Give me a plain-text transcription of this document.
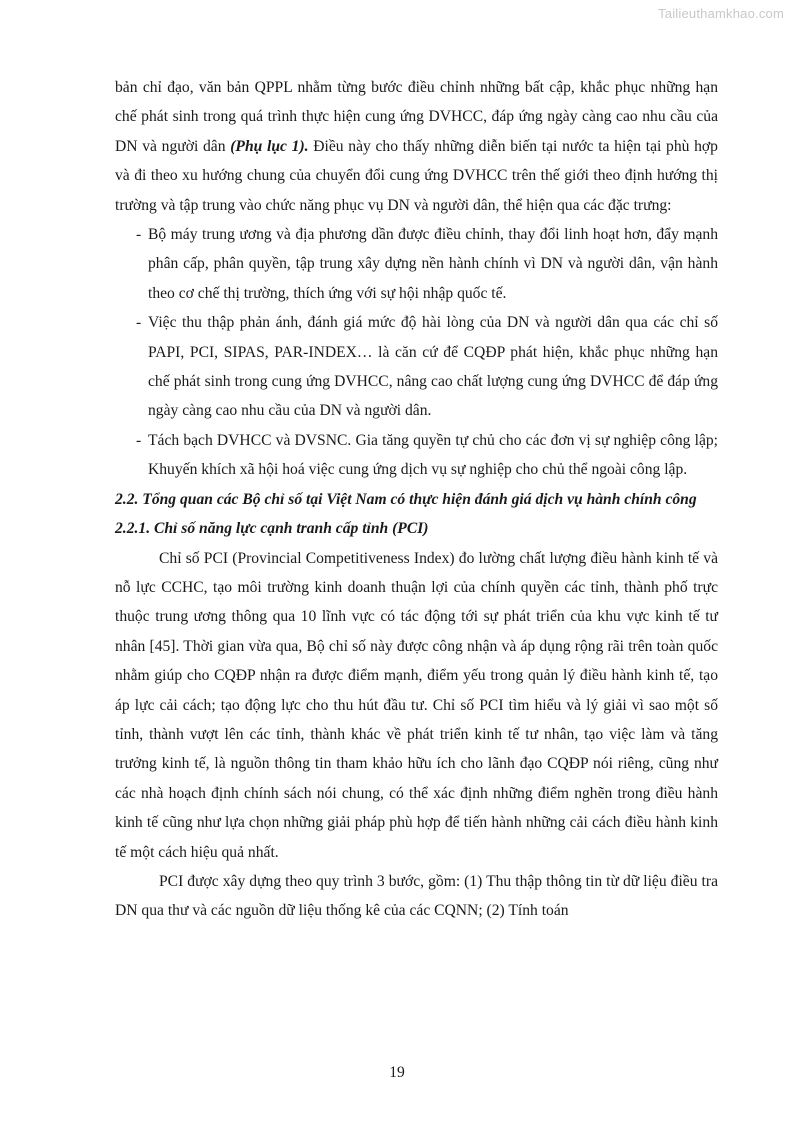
Tailieuthamkhao.com

bản chỉ đạo, văn bản QPPL nhằm từng bước điều chỉnh những bất cập, khắc phục những hạn chế phát sinh trong quá trình thực hiện cung ứng DVHCC, đáp ứng ngày càng cao nhu cầu của DN và người dân (Phụ lục 1). Điều này cho thấy những diễn biến tại nước ta hiện tại phù hợp và đi theo xu hướng chung của chuyển đổi cung ứng DVHCC trên thế giới theo định hướng thị trường và tập trung vào chức năng phục vụ DN và người dân, thể hiện qua các đặc trưng:

- Bộ máy trung ương và địa phương dần được điều chỉnh, thay đổi linh hoạt hơn, đẩy mạnh phân cấp, phân quyền, tập trung xây dựng nền hành chính vì DN và người dân, vận hành theo cơ chế thị trường, thích ứng với sự hội nhập quốc tế.

- Việc thu thập phản ánh, đánh giá mức độ hài lòng của DN và người dân qua các chỉ số PAPI, PCI, SIPAS, PAR-INDEX… là căn cứ để CQĐP phát hiện, khắc phục những hạn chế phát sinh trong cung ứng DVHCC, nâng cao chất lượng cung ứng DVHCC để đáp ứng ngày càng cao nhu cầu của DN và người dân.

- Tách bạch DVHCC và DVSNC. Gia tăng quyền tự chủ cho các đơn vị sự nghiệp công lập; Khuyến khích xã hội hoá việc cung ứng dịch vụ sự nghiệp cho chủ thể ngoài công lập.

2.2. Tổng quan các Bộ chỉ số tại Việt Nam có thực hiện đánh giá dịch vụ hành chính công

2.2.1. Chỉ số năng lực cạnh tranh cấp tỉnh (PCI)

Chỉ số PCI (Provincial Competitiveness Index) đo lường chất lượng điều hành kinh tế và nỗ lực CCHC, tạo môi trường kinh doanh thuận lợi của chính quyền các tỉnh, thành phố trực thuộc trung ương thông qua 10 lĩnh vực có tác động tới sự phát triển của khu vực kinh tế tư nhân [45]. Thời gian vừa qua, Bộ chỉ số này được công nhận và áp dụng rộng rãi trên toàn quốc nhằm giúp cho CQĐP nhận ra được điểm mạnh, điểm yếu trong quản lý điều hành kinh tế, tạo áp lực cải cách; tạo động lực cho thu hút đầu tư. Chỉ số PCI tìm hiểu và lý giải vì sao một số tỉnh, thành vượt lên các tỉnh, thành khác về phát triển kinh tế tư nhân, tạo việc làm và tăng trưởng kinh tế, là nguồn thông tin tham khảo hữu ích cho lãnh đạo CQĐP nói riêng, cũng như các nhà hoạch định chính sách nói chung, có thể xác định những điểm nghẽn trong điều hành kinh tế cũng như lựa chọn những giải pháp phù hợp để tiến hành những cải cách điều hành kinh tế một cách hiệu quả nhất.

PCI được xây dựng theo quy trình 3 bước, gồm: (1) Thu thập thông tin từ dữ liệu điều tra DN qua thư và các nguồn dữ liệu thống kê của các CQNN; (2) Tính toán

19
